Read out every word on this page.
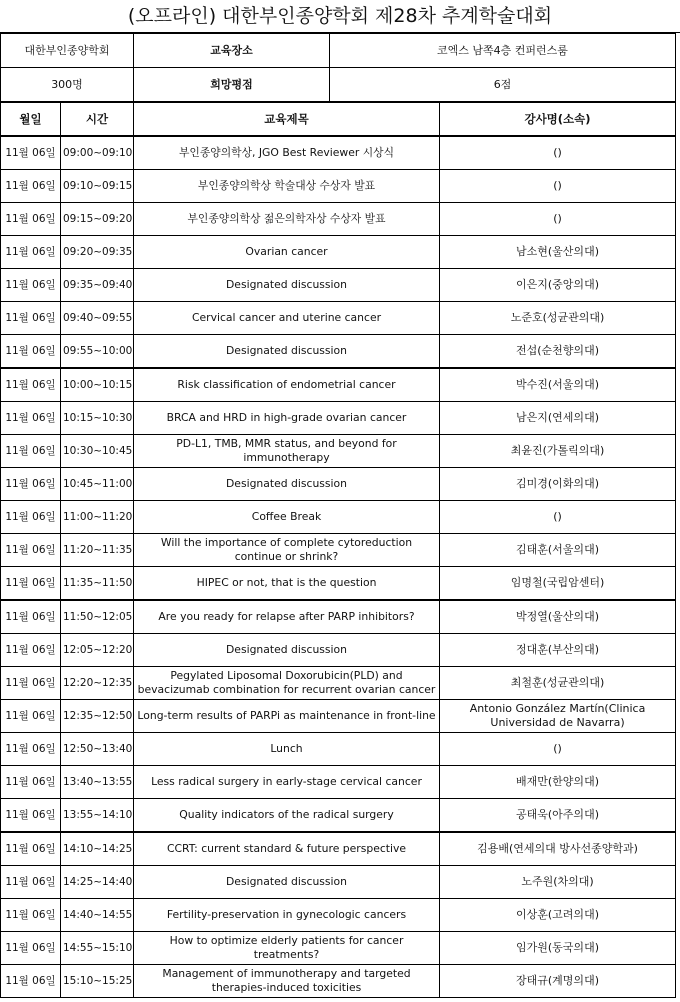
(오프라인) 대한부인종양학회 제28차 추계학술대회
대한부인종양학회	교육장소	코엑스 남쪽4층 컨퍼런스룸
300명	희망평점	6점
월일	시간	교육제목	강사명(소속)
11월 06일	09:00~09:10	부인종양의학상, JGO Best Reviewer 시상식	()
11월 06일	09:10~09:15	부인종양의학상 학술대상 수상자 발표	()
11월 06일	09:15~09:20	부인종양의학상 젊은의학자상 수상자 발표	()
11월 06일	09:20~09:35	Ovarian cancer	남소현(울산의대)
11월 06일	09:35~09:40	Designated discussion	이은지(중앙의대)
11월 06일	09:40~09:55	Cervical cancer and uterine cancer	노준호(성균관의대)
11월 06일	09:55~10:00	Designated discussion	전섭(순천향의대)
11월 06일	10:00~10:15	Risk classification of endometrial cancer	박수진(서울의대)
11월 06일	10:15~10:30	BRCA and HRD in high-grade ovarian cancer	남은지(연세의대)
11월 06일	10:30~10:45	PD-L1, TMB, MMR status, and beyond for immunotherapy	최윤진(가톨릭의대)
11월 06일	10:45~11:00	Designated discussion	김미경(이화의대)
11월 06일	11:00~11:20	Coffee Break	()
11월 06일	11:20~11:35	Will the importance of complete cytoreduction continue or shrink?	김태훈(서울의대)
11월 06일	11:35~11:50	HIPEC or not, that is the question	임명철(국립암센터)
11월 06일	11:50~12:05	Are you ready for relapse after PARP inhibitors?	박정열(울산의대)
11월 06일	12:05~12:20	Designated discussion	정대훈(부산의대)
11월 06일	12:20~12:35	Pegylated Liposomal Doxorubicin(PLD) and bevacizumab combination for recurrent ovarian cancer	최철훈(성균관의대)
11월 06일	12:35~12:50	Long-term results of PARPi as maintenance in front-line	Antonio González Martín(Clinica Universidad de Navarra)
11월 06일	12:50~13:40	Lunch	()
11월 06일	13:40~13:55	Less radical surgery in early-stage cervical cancer	배재만(한양의대)
11월 06일	13:55~14:10	Quality indicators of the radical surgery	공태욱(아주의대)
11월 06일	14:10~14:25	CCRT: current standard & future perspective	김용배(연세의대 방사선종양학과)
11월 06일	14:25~14:40	Designated discussion	노주원(차의대)
11월 06일	14:40~14:55	Fertility-preservation in gynecologic cancers	이상훈(고려의대)
11월 06일	14:55~15:10	How to optimize elderly patients for cancer treatments?	임가원(동국의대)
11월 06일	15:10~15:25	Management of immunotherapy and targeted therapies-induced toxicities	장태규(계명의대)
